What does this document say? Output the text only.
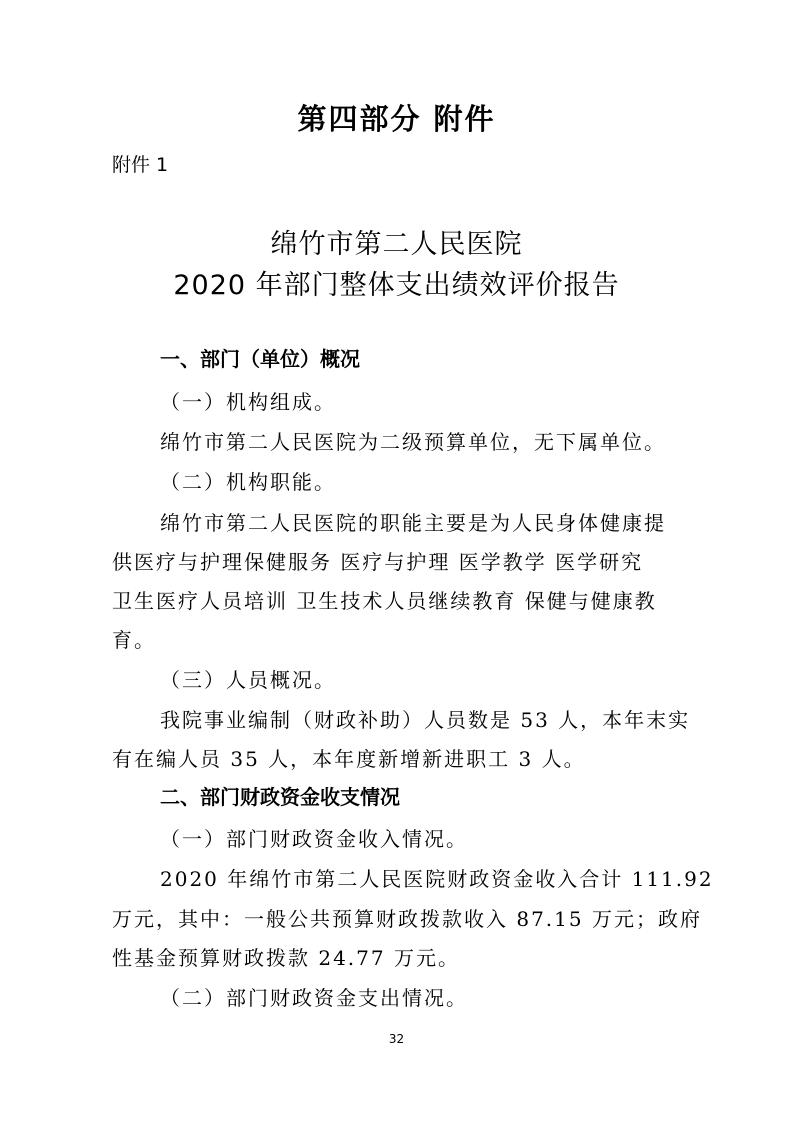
第四部分 附件
附件 1
绵竹市第二人民医院
2020 年部门整体支出绩效评价报告
一、部门（单位）概况
（一）机构组成。
绵竹市第二人民医院为二级预算单位，无下属单位。
（二）机构职能。
绵竹市第二人民医院的职能主要是为人民身体健康提
供医疗与护理保健服务 医疗与护理 医学教学 医学研究
卫生医疗人员培训 卫生技术人员继续教育 保健与健康教
育。
（三）人员概况。
我院事业编制（财政补助）人员数是 53 人，本年末实
有在编人员 35 人，本年度新增新进职工 3 人。
二、部门财政资金收支情况
（一）部门财政资金收入情况。
2020 年绵竹市第二人民医院财政资金收入合计 111.92
万元，其中：一般公共预算财政拨款收入 87.15 万元；政府
性基金预算财政拨款 24.77 万元。
（二）部门财政资金支出情况。
32
